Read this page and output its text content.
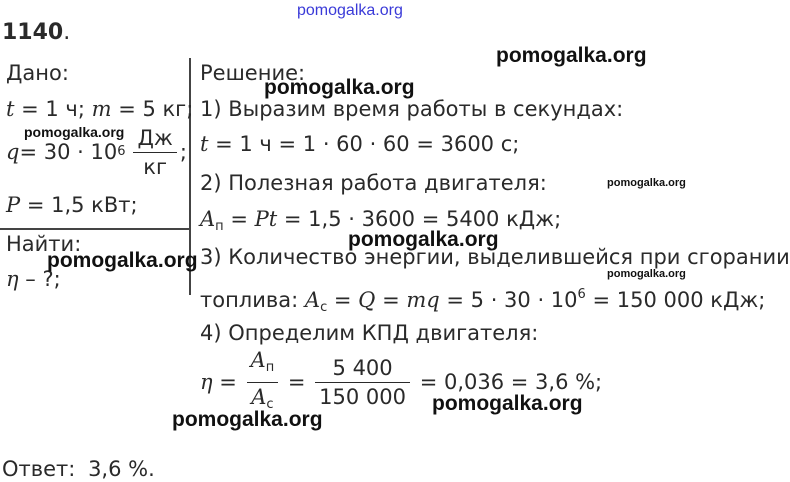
pomogalka.org
1140.
Дано:
t = 1 ч; m = 5 кг;
q = 30 · 10 $6 \frac{Дж}{кг}$ ;
P = 1,5 кВт;
Найти:
η – ?;
Решение:
1) Выразим время работы в секундах:
t = 1 ч = 1 · 60 · 60 = 3600 с;
2) Полезная работа двигателя:
$A_п = Pt = 1,5 \cdot 3600 = 5400$ кДж;
3) Количество энергии, выделившейся при сгорании
топлива: $A_с = Q$ = mq = $5 \cdot 30 \cdot 10^6 = 150$ 000 кДж;
4) Определим КПД двигателя:
$\eta = \frac{A_п}{A_с} = \frac{5 400}{150 000} = 0,036 = 3,6$ %;
Ответ: 3,6 %.
pomogalka.org
pomogalka.org
pomogalka.org
pomogalka.org
pomogalka.org
pomogalka.org
pomogalka.org
pomogalka.org
pomogalka.org
